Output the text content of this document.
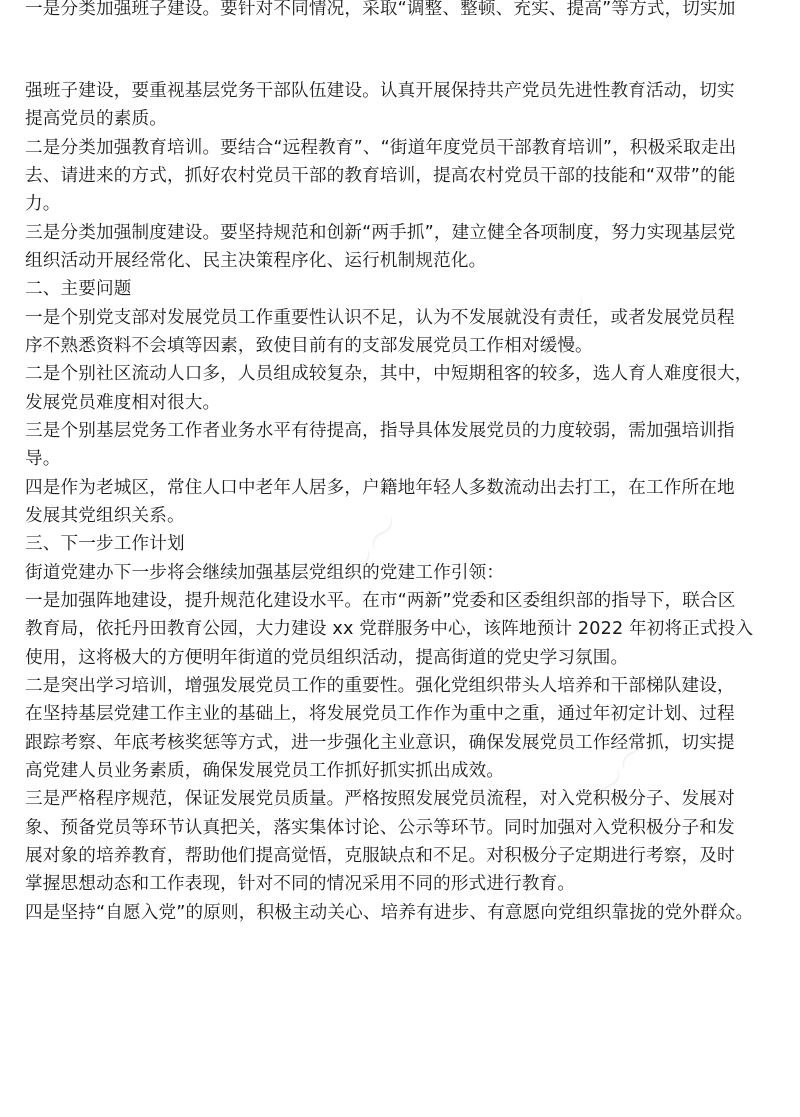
〜〜
〜〜
〜〜
一是分类加强班子建设。要针对不同情况，采取“调整、整顿、充实、提高”等方式，切实加
强班子建设，要重视基层党务干部队伍建设。认真开展保持共产党员先进性教育活动，切实
提高党员的素质。
二是分类加强教育培训。要结合“远程教育”、“街道年度党员干部教育培训”，积极采取走出
去、请进来的方式，抓好农村党员干部的教育培训，提高农村党员干部的技能和“双带”的能
力。
三是分类加强制度建设。要坚持规范和创新“两手抓”，建立健全各项制度，努力实现基层党
组织活动开展经常化、民主决策程序化、运行机制规范化。
二、主要问题
一是个别党支部对发展党员工作重要性认识不足，认为不发展就没有责任，或者发展党员程
序不熟悉资料不会填等因素，致使目前有的支部发展党员工作相对缓慢。
二是个别社区流动人口多，人员组成较复杂，其中，中短期租客的较多，选人育人难度很大，
发展党员难度相对很大。
三是个别基层党务工作者业务水平有待提高，指导具体发展党员的力度较弱，需加强培训指
导。
四是作为老城区，常住人口中老年人居多，户籍地年轻人多数流动出去打工，在工作所在地
发展其党组织关系。
三、下一步工作计划
街道党建办下一步将会继续加强基层党组织的党建工作引领：
一是加强阵地建设，提升规范化建设水平。在市“两新”党委和区委组织部的指导下，联合区
教育局，依托丹田教育公园，大力建设 xx 党群服务中心，该阵地预计 2022 年初将正式投入
使用，这将极大的方便明年街道的党员组织活动，提高街道的党史学习氛围。
二是突出学习培训，增强发展党员工作的重要性。强化党组织带头人培养和干部梯队建设，
在坚持基层党建工作主业的基础上，将发展党员工作作为重中之重，通过年初定计划、过程
跟踪考察、年底考核奖惩等方式，进一步强化主业意识，确保发展党员工作经常抓，切实提
高党建人员业务素质，确保发展党员工作抓好抓实抓出成效。
三是严格程序规范，保证发展党员质量。严格按照发展党员流程，对入党积极分子、发展对
象、预备党员等环节认真把关，落实集体讨论、公示等环节。同时加强对入党积极分子和发
展对象的培养教育，帮助他们提高觉悟，克服缺点和不足。对积极分子定期进行考察，及时
掌握思想动态和工作表现，针对不同的情况采用不同的形式进行教育。
四是坚持“自愿入党”的原则，积极主动关心、培养有进步、有意愿向党组织靠拢的党外群众。
